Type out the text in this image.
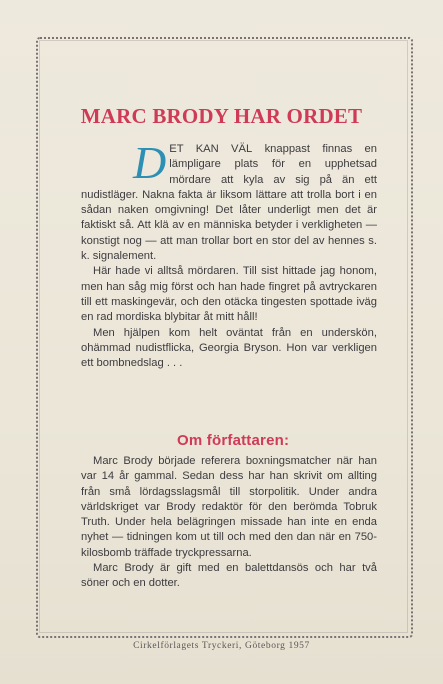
MARC BRODY HAR ORDET

DET KAN VÄL knappast finnas en lämpligare plats för en upphetsad mördare att kyla av sig på än ett nudistläger. Nakna fakta är liksom lättare att trolla bort i en sådan naken omgivning! Det låter underligt men det är faktiskt så. Att klä av en människa betyder i verkligheten — konstigt nog — att man trollar bort en stor del av hennes s. k. signalement.

Här hade vi alltså mördaren. Till sist hittade jag honom, men han såg mig först och han hade fingret på avtryckaren till ett maskingevär, och den otäcka tingesten spottade iväg en rad mordiska blybitar åt mitt håll!

Men hjälpen kom helt oväntat från en underskön, ohämmad nudistflicka, Georgia Bryson. Hon var verkligen ett bombnedslag . . .

Om författaren:

Marc Brody började referera boxningsmatcher när han var 14 år gammal. Sedan dess har han skrivit om allting från små lördagsslagsmål till storpolitik. Under andra världskriget var Brody redaktör för den berömda Tobruk Truth. Under hela belägringen missade han inte en enda nyhet — tidningen kom ut till och med den dan när en 750-kilosbomb träffade tryckpressarna.

Marc Brody är gift med en balettdansös och har två söner och en dotter.

Cirkelförlagets Tryckeri, Göteborg 1957
